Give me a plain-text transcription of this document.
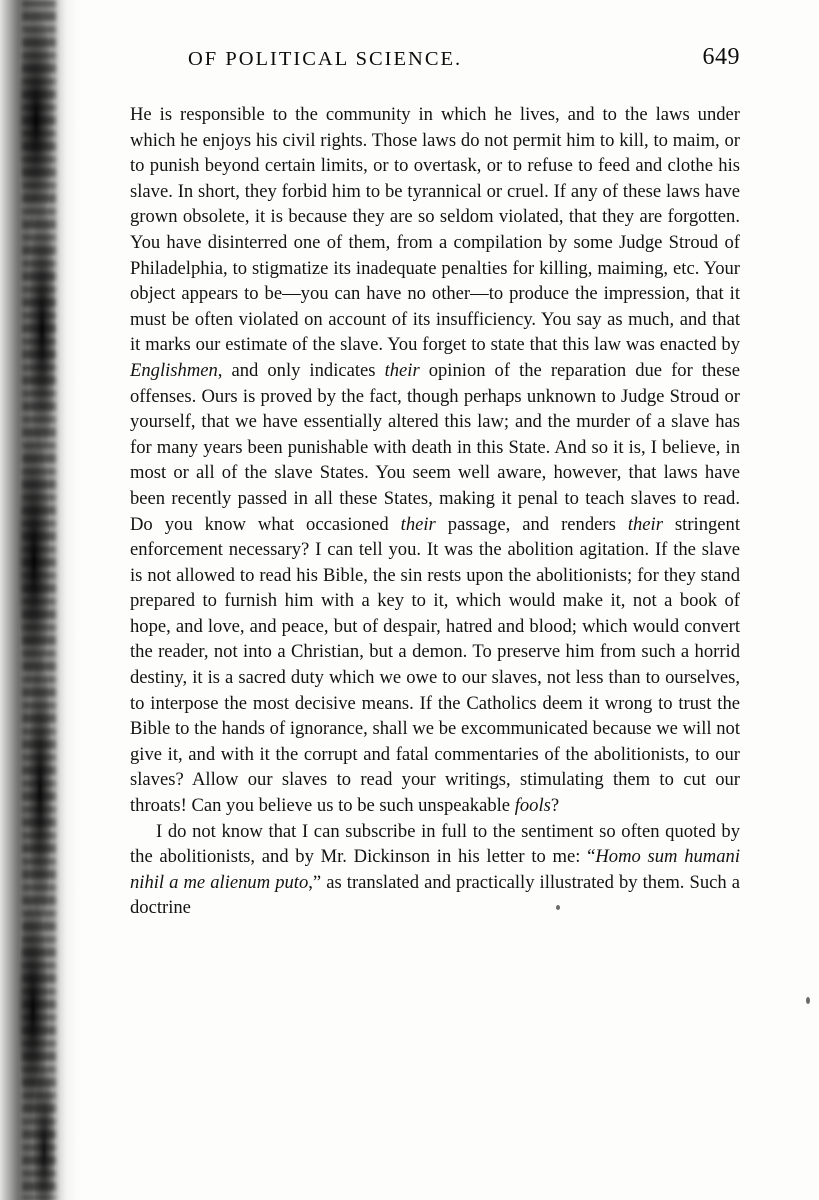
OF POLITICAL SCIENCE.	649

He is responsible to the community in which he lives, and to the laws under which he enjoys his civil rights. Those laws do not permit him to kill, to maim, or to punish beyond certain limits, or to overtask, or to refuse to feed and clothe his slave. In short, they forbid him to be tyrannical or cruel. If any of these laws have grown obsolete, it is because they are so seldom violated, that they are forgotten. You have disinterred one of them, from a compilation by some Judge Stroud of Philadelphia, to stigmatize its inadequate penalties for killing, maiming, etc. Your object appears to be—you can have no other—to produce the impression, that it must be often violated on account of its insufficiency. You say as much, and that it marks our estimate of the slave. You forget to state that this law was enacted by Englishmen, and only indicates their opinion of the reparation due for these offenses. Ours is proved by the fact, though perhaps unknown to Judge Stroud or yourself, that we have essentially altered this law; and the murder of a slave has for many years been punishable with death in this State. And so it is, I believe, in most or all of the slave States. You seem well aware, however, that laws have been recently passed in all these States, making it penal to teach slaves to read. Do you know what occasioned their passage, and renders their stringent enforcement necessary? I can tell you. It was the abolition agitation. If the slave is not allowed to read his Bible, the sin rests upon the abolitionists; for they stand prepared to furnish him with a key to it, which would make it, not a book of hope, and love, and peace, but of despair, hatred and blood; which would convert the reader, not into a Christian, but a demon. To preserve him from such a horrid destiny, it is a sacred duty which we owe to our slaves, not less than to ourselves, to interpose the most decisive means. If the Catholics deem it wrong to trust the Bible to the hands of ignorance, shall we be excommunicated because we will not give it, and with it the corrupt and fatal commentaries of the abolitionists, to our slaves? Allow our slaves to read your writings, stimulating them to cut our throats! Can you believe us to be such unspeakable fools?

I do not know that I can subscribe in full to the sentiment so often quoted by the abolitionists, and by Mr. Dickinson in his letter to me: “Homo sum humani nihil a me alienum puto,” as translated and practically illustrated by them. Such a doctrine
